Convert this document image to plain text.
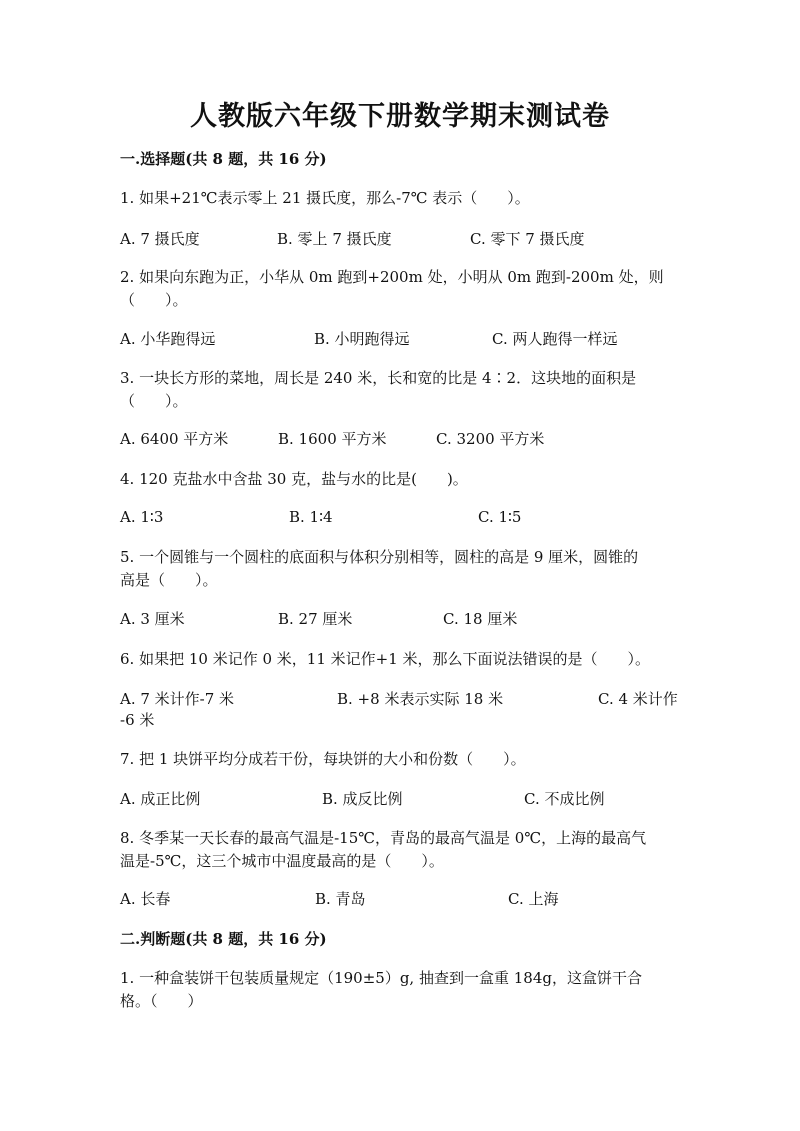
人教版六年级下册数学期末测试卷
一.选择题(共 8 题，共 16 分)
1. 如果+21℃表示零上 21 摄氏度，那么-7℃ 表示（　　）。
A. 7 摄氏度	B. 零上 7 摄氏度	C. 零下 7 摄氏度
2. 如果向东跑为正，小华从 0m 跑到+200m 处，小明从 0m 跑到-200m 处，则
（　　）。
A. 小华跑得远	B. 小明跑得远	C. 两人跑得一样远
3. 一块长方形的菜地，周长是 240 米，长和宽的比是 4∶2．这块地的面积是
（　　）。
A. 6400 平方米	B. 1600 平方米	C. 3200 平方米
4. 120 克盐水中含盐 30 克，盐与水的比是(　　)。
A. 1∶3	B. 1∶4	C. 1∶5
5. 一个圆锥与一个圆柱的底面积与体积分别相等，圆柱的高是 9 厘米，圆锥的
高是（　　）。
A. 3 厘米	B. 27 厘米	C. 18 厘米
6. 如果把 10 米记作 0 米，11 米记作+1 米，那么下面说法错误的是（　　）。
A. 7 米计作-7 米	B. +8 米表示实际 18 米	C. 4 米计作
-6 米
7. 把 1 块饼平均分成若干份，每块饼的大小和份数（　　）。
A. 成正比例	B. 成反比例	C. 不成比例
8. 冬季某一天长春的最高气温是-15℃，青岛的最高气温是 0℃，上海的最高气
温是-5℃，这三个城市中温度最高的是（　　）。
A. 长春	B. 青岛	C. 上海
二.判断题(共 8 题，共 16 分)
1. 一种盒装饼干包装质量规定（190±5）g, 抽查到一盒重 184g，这盒饼干合
格。（　　）
